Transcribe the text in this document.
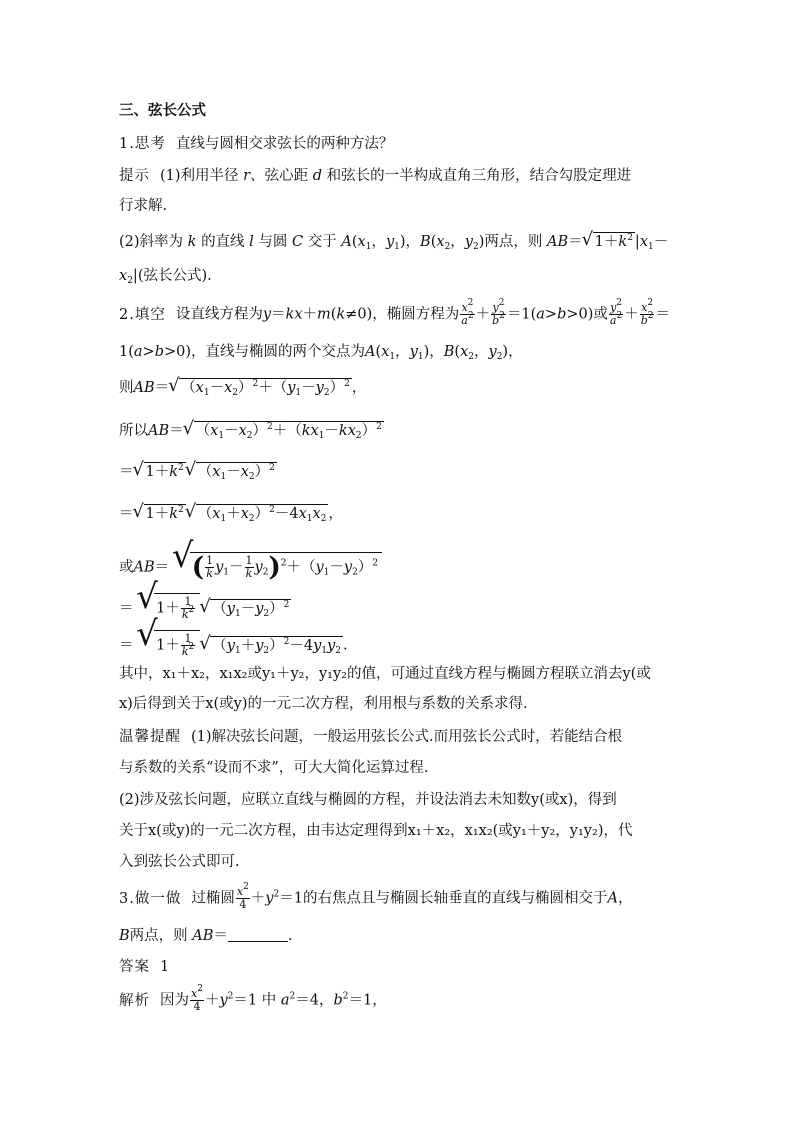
三、弦长公式
1.思考 直线与圆相交求弦长的两种方法？
提示 (1)利用半径 r、弦心距 d 和弦长的一半构成直角三角形，结合勾股定理进
行求解.
(2)斜率为 k 的直线 l 与圆 C 交于 $A(x_1$，$y_1$)，$B(x_2$，$y_2$)两点，则 AB＝√ $1+k^2$ $|x_1-$
$x_2|$(弦长公式).
2.填空 设直线方程为y＝kx＋m(k≠0)，椭圆方程为 $\frac{x^2}{a^2} + \frac{y^2}{b^2} =1(a>b>0)$或 $\frac{y^2}{a^2} + \frac{x^2}{b^2}$ ＝
1(a>b>0)，直线与椭圆的两个交点为$A(x_1$，$y_1$)，$B(x_2$，$y_2$)，
则AB＝√ $(x_1-x_2)^2+(y_1-y_2)^2$ ，
所以AB＝√ $(x_1-x_2)^2+(kx_1-kx_2)^2$
＝√ $1+k^2√$ $(x_1-x_2)^2$
＝√ $1+k^2√$ $(x_1+x_2)^2-4x_1x_2$ ，
或AB＝ √ ( $\frac{1}{k} y_1- \frac{1}{k} y_2)^2+(y_1-y_2)^2$
＝ √ $1+ \frac{1}{k^2}$
√ $(y_1-y_2)^2$
＝ √ $1+ \frac{1}{k^2}$
√ $(y_1+y_2)^2-4y_1y_2$ .
其中，x₁＋x₂，x₁x₂或y₁＋y₂，y₁y₂的值，可通过直线方程与椭圆方程联立消去y(或
x)后得到关于x(或y)的一元二次方程，利用根与系数的关系求得.
温馨提醒 (1)解决弦长问题，一般运用弦长公式.而用弦长公式时，若能结合根
与系数的关系“设而不求”，可大大简化运算过程.
(2)涉及弦长问题，应联立直线与椭圆的方程，并设法消去未知数y(或x)，得到
关于x(或y)的一元二次方程，由韦达定理得到x₁＋x₂，x₁x₂(或y₁＋y₂，y₁y₂)，代
入到弦长公式即可.
3.做一做 过椭圆 $\frac{x^2}{4} +y^2=1$的右焦点且与椭圆长轴垂直的直线与椭圆相交于A，
B两点，则 AB＝	.
答案 1
解析 因为 $\frac{x^2}{4} +y^2=1$ 中 $a^2=4$，$b^2=1$，
